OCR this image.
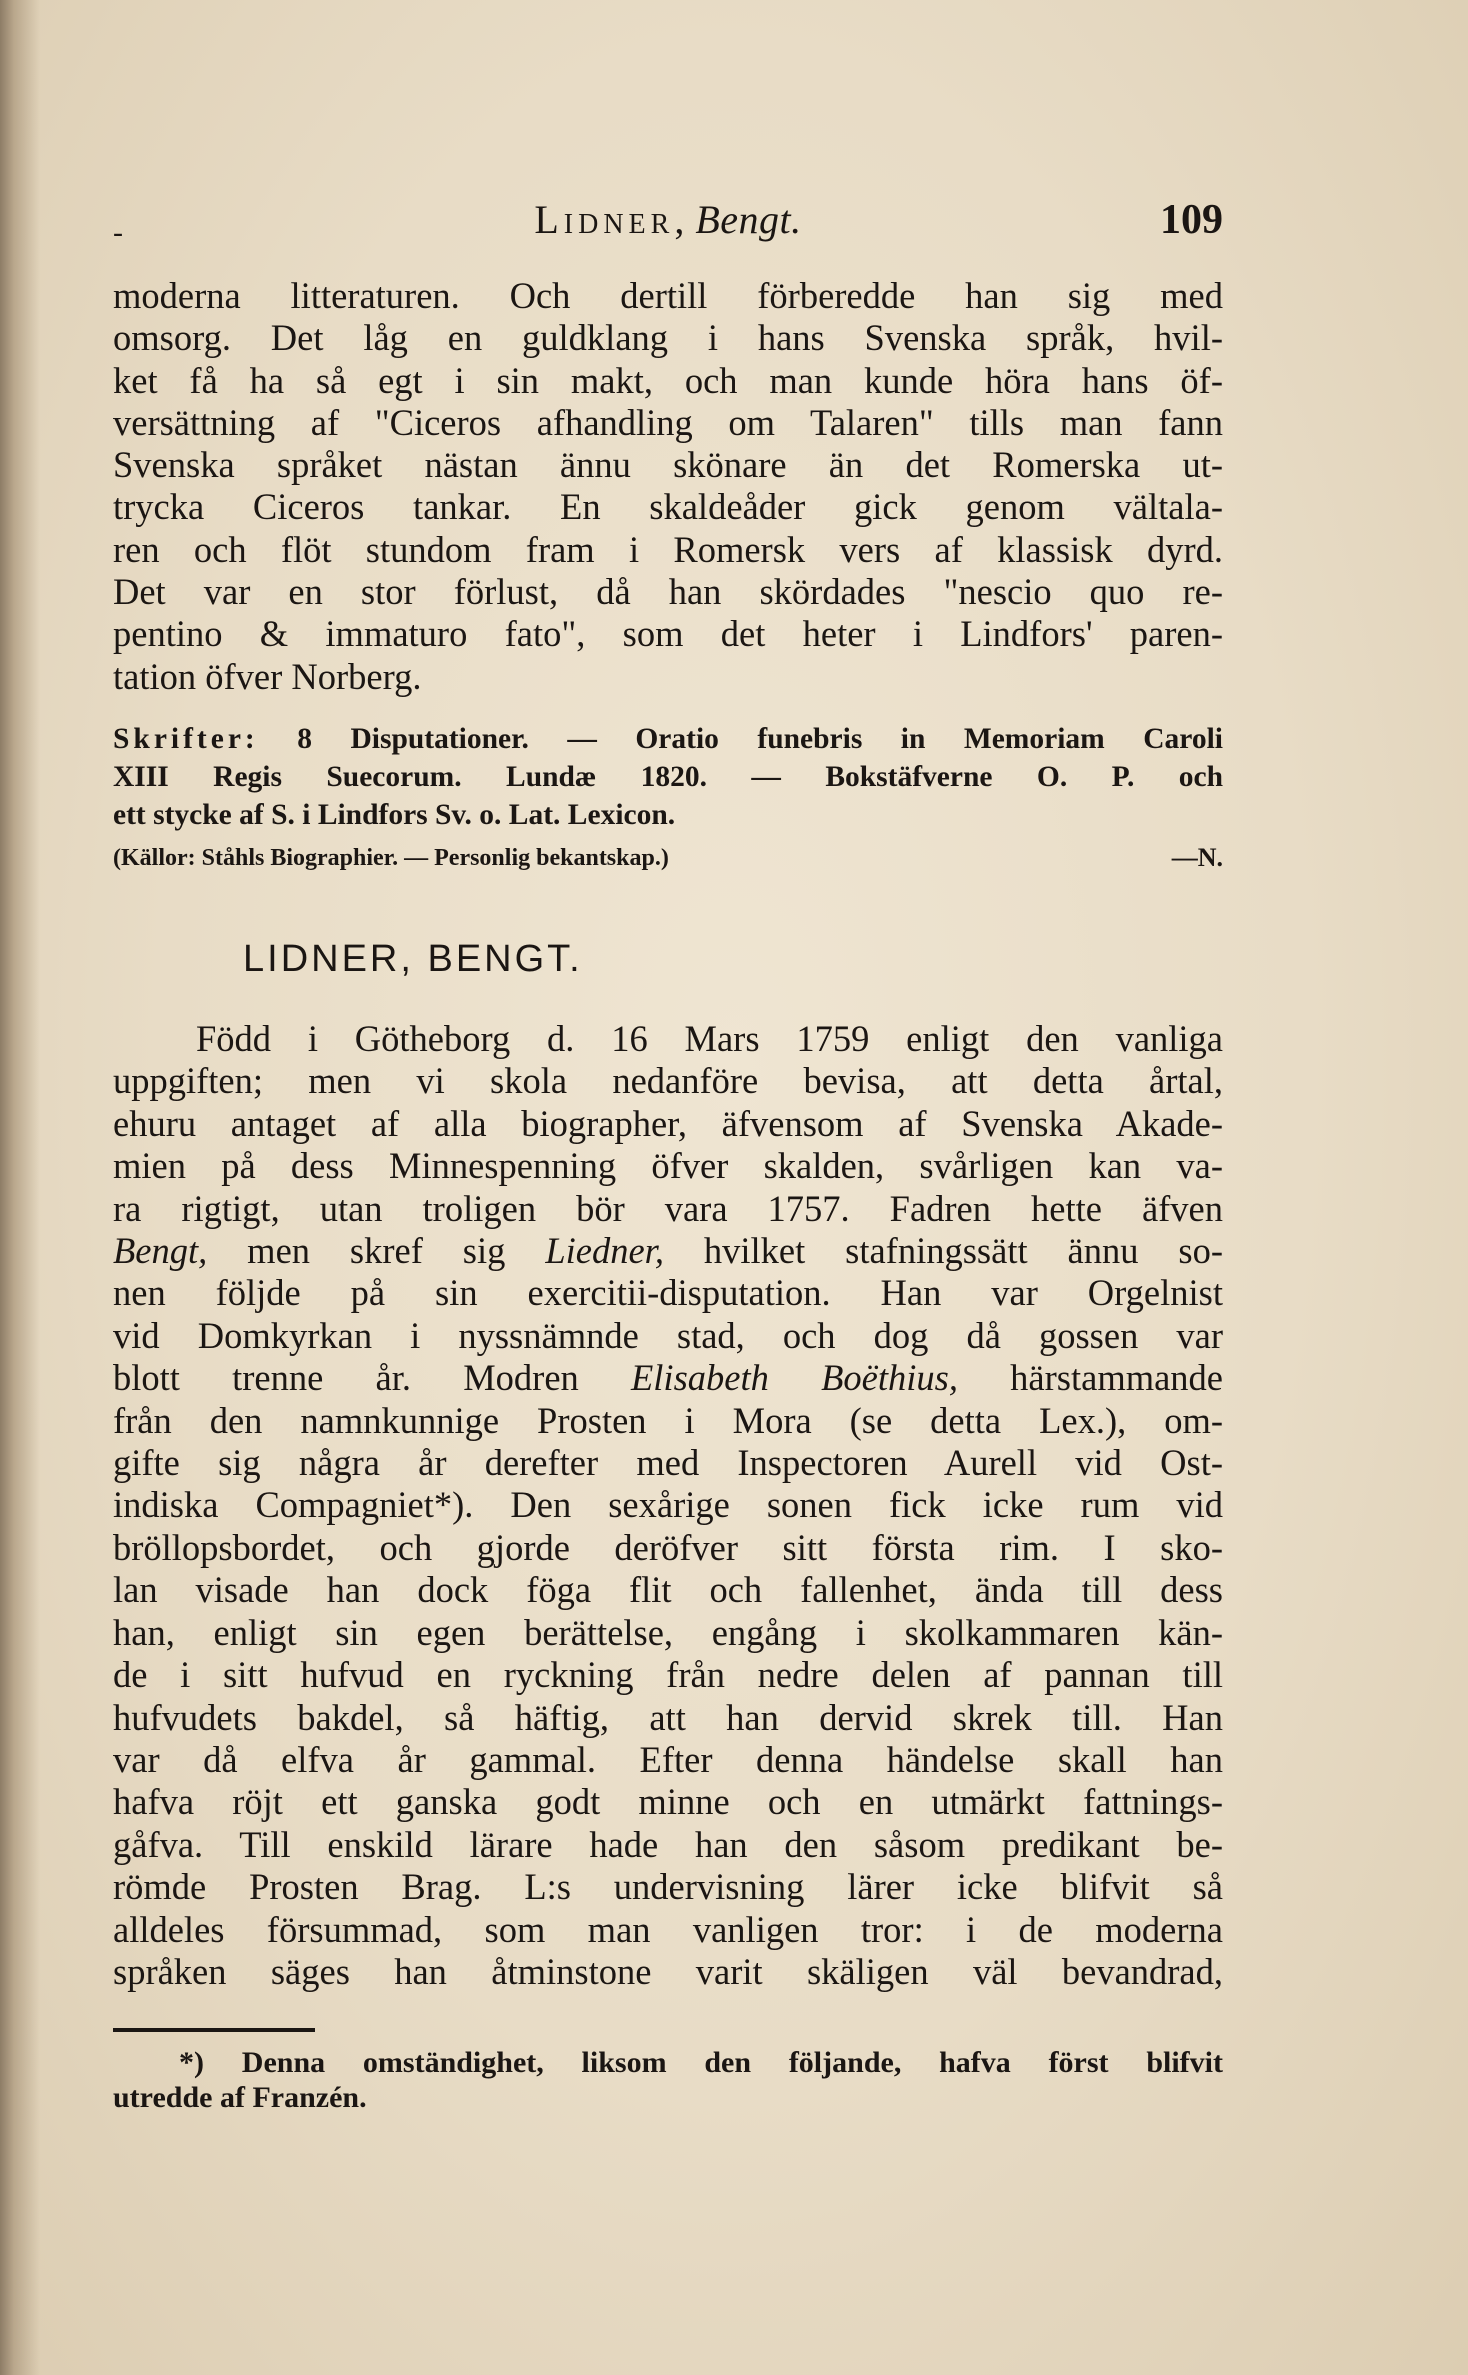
-	Lidner, Bengt.	109
moderna litteraturen. Och dertill förberedde han sig med
omsorg. Det låg en guldklang i hans Svenska språk, hvil-
ket få ha så egt i sin makt, och man kunde höra hans öf-
versättning af "Ciceros afhandling om Talaren" tills man fann
Svenska språket nästan ännu skönare än det Romerska ut-
trycka Ciceros tankar. En skaldeåder gick genom vältala-
ren och flöt stundom fram i Romersk vers af klassisk dyrd.
Det var en stor förlust, då han skördades "nescio quo re-
pentino & immaturo fato", som det heter i Lindfors' paren-
tation öfver Norberg.
Skrifter: 8 Disputationer. — Oratio funebris in Memoriam Caroli
XIII Regis Suecorum. Lundæ 1820. — Bokstäfverne O. P. och
ett stycke af S. i Lindfors Sv. o. Lat. Lexicon.
(Källor: Ståhls Biographier. — Personlig bekantskap.)	—N.
LIDNER, BENGT.
Född i Götheborg d. 16 Mars 1759 enligt den vanliga
uppgiften; men vi skola nedanföre bevisa, att detta årtal,
ehuru antaget af alla biographer, äfvensom af Svenska Akade-
mien på dess Minnespenning öfver skalden, svårligen kan va-
ra rigtigt, utan troligen bör vara 1757. Fadren hette äfven
Bengt, men skref sig Liedner, hvilket stafningssätt ännu so-
nen följde på sin exercitii-disputation. Han var Orgelnist
vid Domkyrkan i nyssnämnde stad, och dog då gossen var
blott trenne år. Modren Elisabeth Boëthius, härstammande
från den namnkunnige Prosten i Mora (se detta Lex.), om-
gifte sig några år derefter med Inspectoren Aurell vid Ost-
indiska Compagniet*). Den sexårige sonen fick icke rum vid
bröllopsbordet, och gjorde deröfver sitt första rim. I sko-
lan visade han dock föga flit och fallenhet, ända till dess
han, enligt sin egen berättelse, engång i skolkammaren kän-
de i sitt hufvud en ryckning från nedre delen af pannan till
hufvudets bakdel, så häftig, att han dervid skrek till. Han
var då elfva år gammal. Efter denna händelse skall han
hafva röjt ett ganska godt minne och en utmärkt fattnings-
gåfva. Till enskild lärare hade han den såsom predikant be-
römde Prosten Brag. L:s undervisning lärer icke blifvit så
alldeles försummad, som man vanligen tror: i de moderna
språken säges han åtminstone varit skäligen väl bevandrad,
*) Denna omständighet, liksom den följande, hafva först blifvit
utredde af Franzén.
